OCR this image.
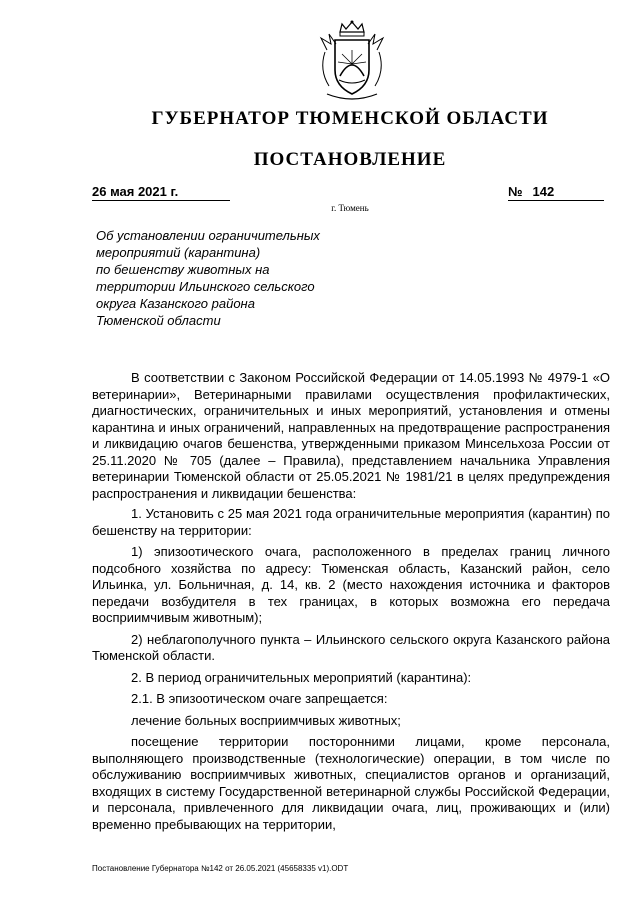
ГУБЕРНАТОР ТЮМЕНСКОЙ ОБЛАСТИ
ПОСТАНОВЛЕНИЕ
26 мая 2021 г.	№ 142
г. Тюмень
Об установлении ограничительных
мероприятий (карантина)
по бешенству животных на
территории Ильинского сельского
округа Казанского района
Тюменской области

В соответствии с Законом Российской Федерации от 14.05.1993 № 4979-1 «О ветеринарии», Ветеринарными правилами осуществления профилактических, диагностических, ограничительных и иных мероприятий, установления и отмены карантина и иных ограничений, направленных на предотвращение распространения и ликвидацию очагов бешенства, утвержденными приказом Минсельхоза России от 25.11.2020 № 705 (далее – Правила), представлением начальника Управления ветеринарии Тюменской области от 25.05.2021 № 1981/21 в целях предупреждения распространения и ликвидации бешенства:

1. Установить с 25 мая 2021 года ограничительные мероприятия (карантин) по бешенству на территории:

1) эпизоотического очага, расположенного в пределах границ личного подсобного хозяйства по адресу: Тюменская область, Казанский район, село Ильинка, ул. Больничная, д. 14, кв. 2 (место нахождения источника и факторов передачи возбудителя в тех границах, в которых возможна его передача восприимчивым животным);

2) неблагополучного пункта – Ильинского сельского округа Казанского района Тюменской области.

2. В период ограничительных мероприятий (карантина):

2.1. В эпизоотическом очаге запрещается:

лечение больных восприимчивых животных;

посещение территории посторонними лицами, кроме персонала, выполняющего производственные (технологические) операции, в том числе по обслуживанию восприимчивых животных, специалистов органов и организаций, входящих в систему Государственной ветеринарной службы Российской Федерации, и персонала, привлеченного для ликвидации очага, лиц, проживающих и (или) временно пребывающих на территории,

Постановление Губернатора №142 от 26.05.2021 (45658335 v1).ODT
